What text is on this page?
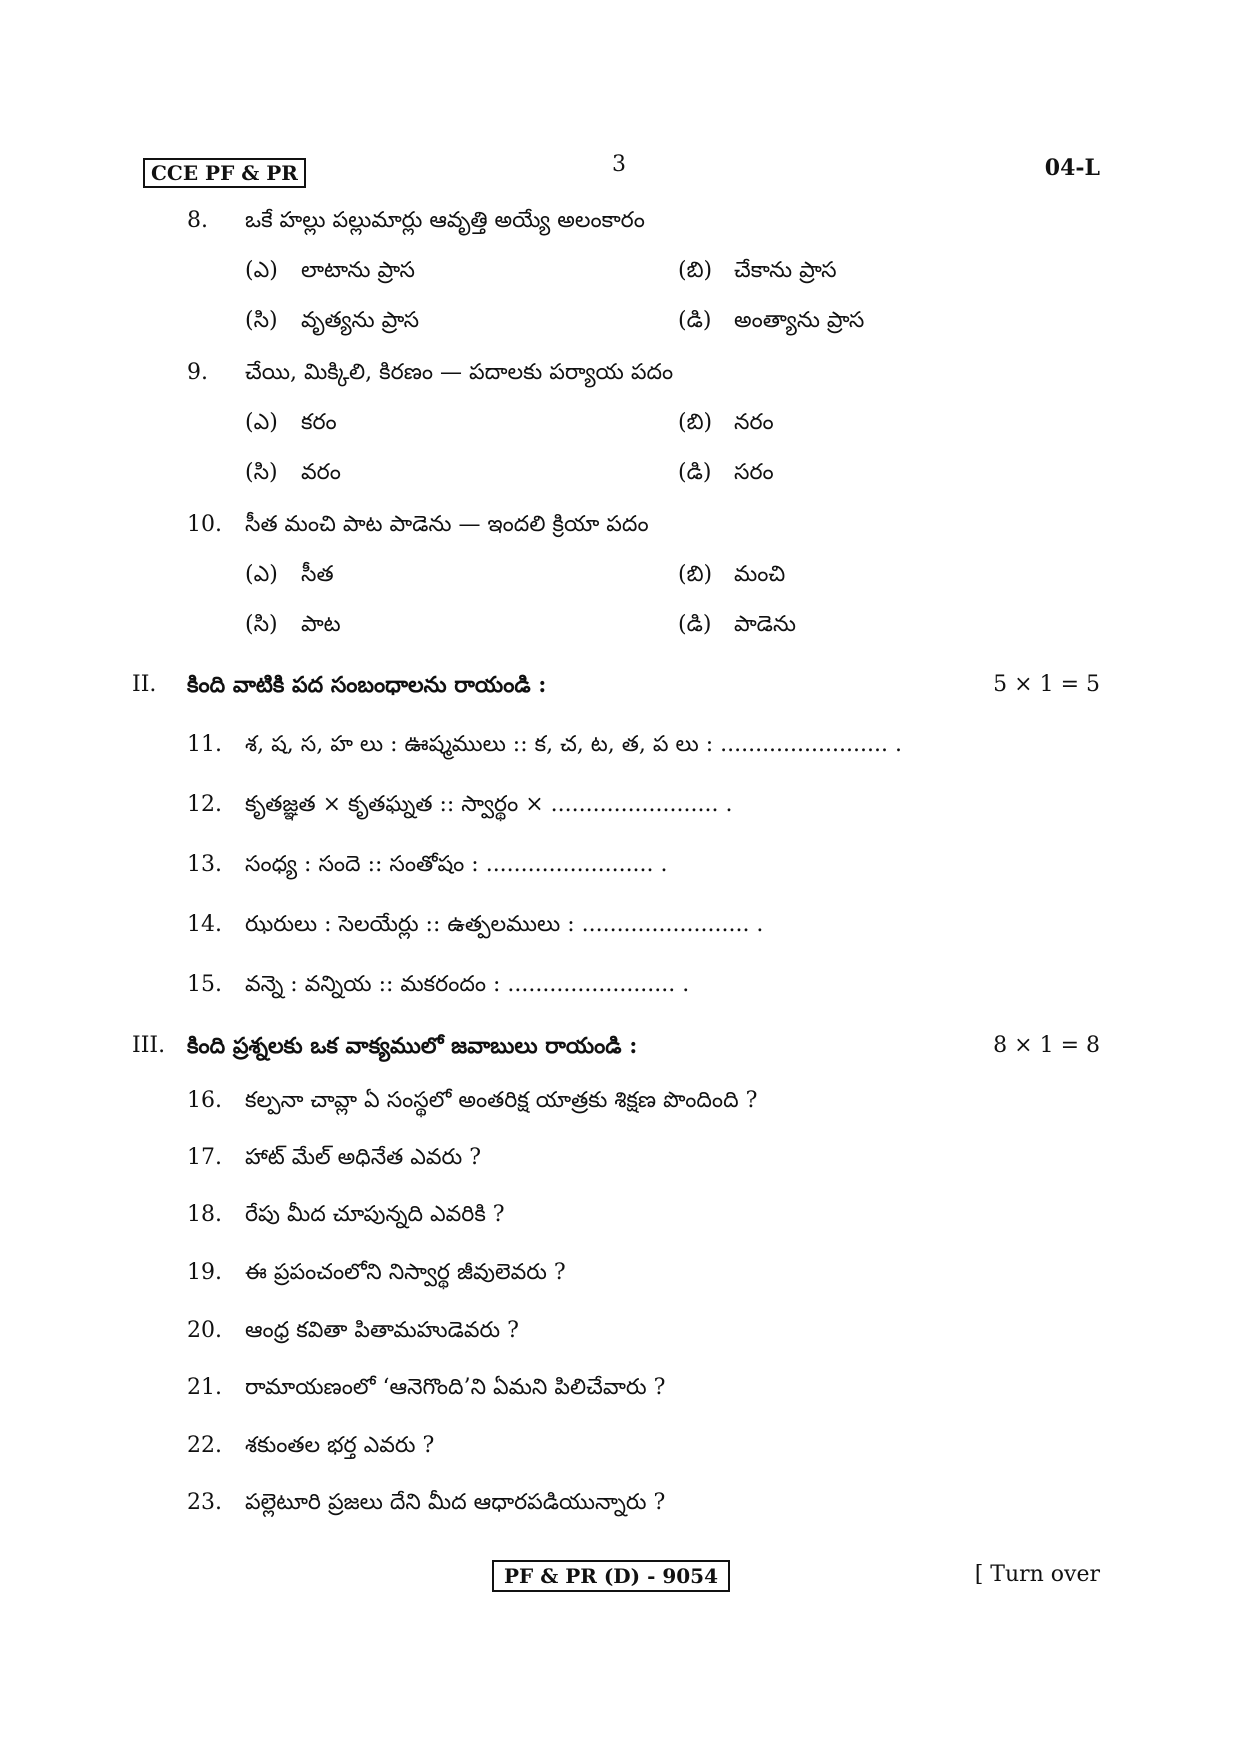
CCE PF & PR	3	04-L
8.	ఒకే హల్లు పల్లుమార్లు ఆవృత్తి అయ్యే అలంకారం
(ఎ) లాటాను ప్రాస	(బి) చేకాను ప్రాస
(సి) వృత్యను ప్రాస	(డి) అంత్యాను ప్రాస
9.	చేయి, మిక్కిలి, కిరణం — పదాలకు పర్యాయ పదం
(ఎ) కరం	(బి) నరం
(సి) వరం	(డి) సరం
10.	సీత మంచి పాట పాడెను — ఇందలి క్రియా పదం
(ఎ) సీత	(బి) మంచి
(సి) పాట	(డి) పాడెను
II. కింది వాటికి పద సంబంధాలను రాయండి :	5 × 1 = 5
11.	శ, ష, స, హ లు : ఊష్మములు :: క, చ, ట, త, ప లు : ........................ .
12.	కృతజ్ఞత × కృతఘ్నత :: స్వార్థం × ........................ .
13.	సంధ్య : సందె :: సంతోషం : ........................ .
14.	ఝరులు : సెలయేర్లు :: ఉత్పలములు : ........................ .
15.	వన్నె : వన్నియ :: మకరందం : ........................ .
III. కింది ప్రశ్నలకు ఒక వాక్యములో జవాబులు రాయండి :	8 × 1 = 8
16.	కల్పనా చావ్లా ఏ సంస్థలో అంతరిక్ష యాత్రకు శిక్షణ పొందింది ?
17.	హాట్ మేల్ అధినేత ఎవరు ?
18.	రేపు మీద చూపున్నది ఎవరికి ?
19.	ఈ ప్రపంచంలోని నిస్వార్థ జీవులెవరు ?
20.	ఆంధ్ర కవితా పితామహుడెవరు ?
21.	రామాయణంలో ‘ఆనెగొంది’ని ఏమని పిలిచేవారు ?
22.	శకుంతల భర్త ఎవరు ?
23.	పల్లెటూరి ప్రజలు దేని మీద ఆధారపడియున్నారు ?
PF & PR (D) - 9054	[ Turn over
